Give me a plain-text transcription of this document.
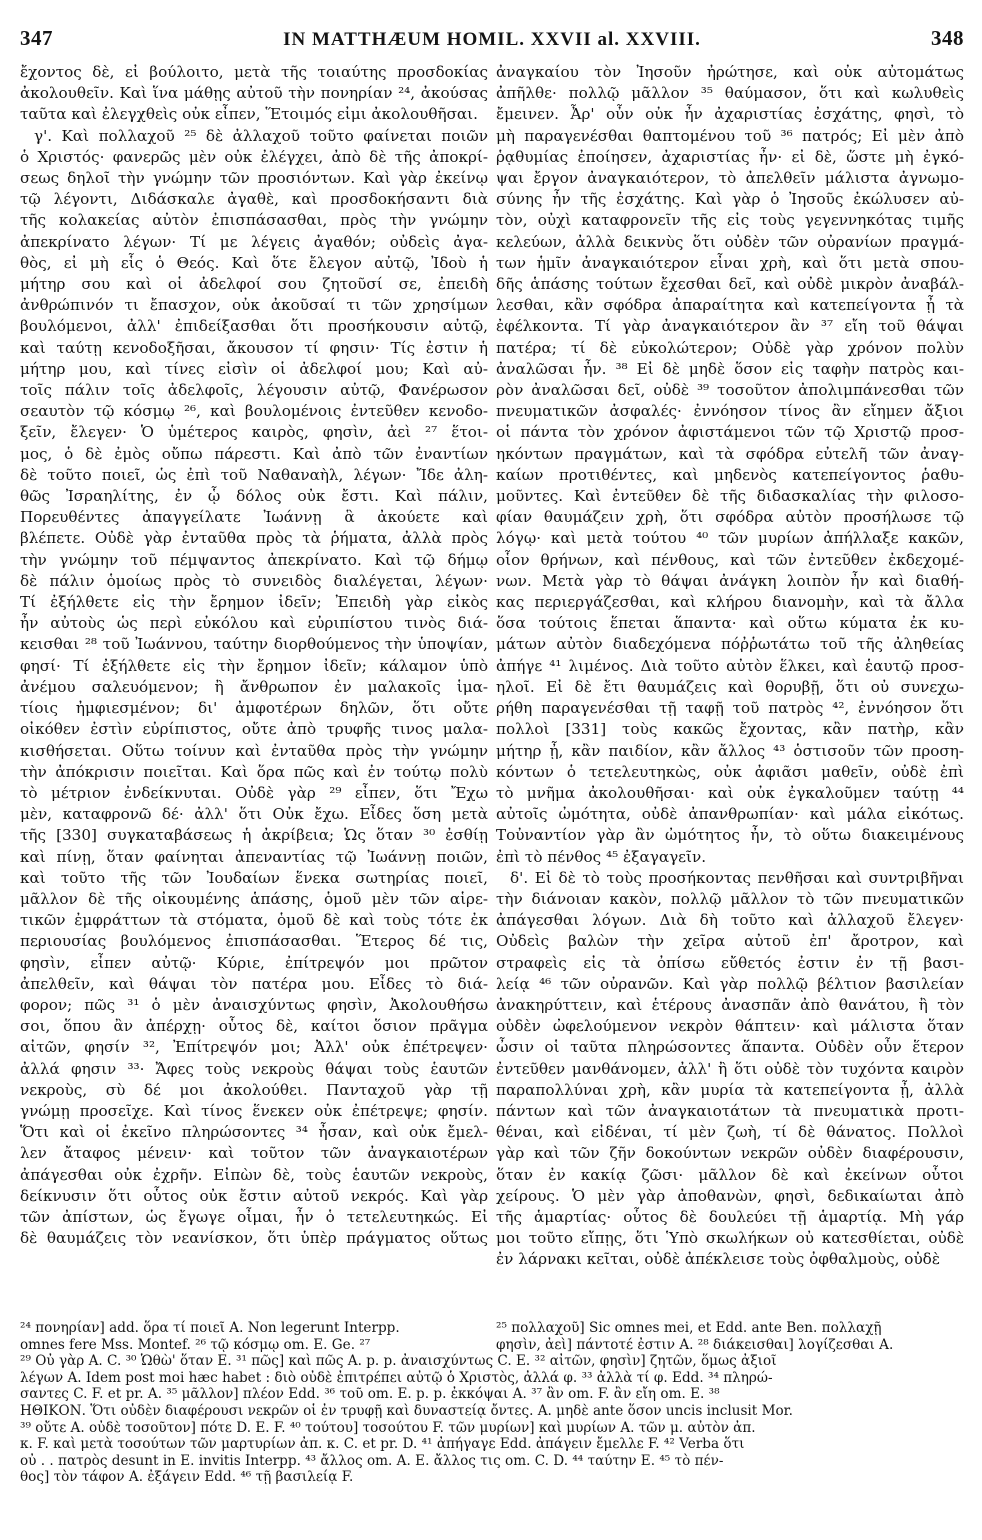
347	IN MATTHÆUM HOMIL. XXVII al. XXVIII.	348
ἔχοντος δὲ, εἰ βούλοιτο, μετὰ τῆς τοιαύτης προσδοκίας
ἀκολουθεῖν. Καὶ ἵνα μάθῃς αὐτοῦ τὴν πονηρίαν ²⁴, ἀκούσας
ταῦτα καὶ ἐλεγχθεὶς οὐκ εἶπεν, Ἕτοιμός εἰμι ἀκολουθῆσαι.
γ'. Καὶ πολλαχοῦ ²⁵ δὲ ἀλλαχοῦ τοῦτο φαίνεται ποιῶν
ὁ Χριστός· φανερῶς μὲν οὐκ ἐλέγχει, ἀπὸ δὲ τῆς ἀποκρί-
σεως δηλοῖ τὴν γνώμην τῶν προσιόντων. Καὶ γὰρ ἐκείνῳ
τῷ λέγοντι, Διδάσκαλε ἀγαθὲ, καὶ προσδοκήσαντι διὰ
τῆς κολακείας αὐτὸν ἐπισπάσασθαι, πρὸς τὴν γνώμην
ἀπεκρίνατο λέγων· Τί με λέγεις ἀγαθόν; οὐδεὶς ἀγα-
θὸς, εἰ μὴ εἷς ὁ Θεός. Καὶ ὅτε ἔλεγον αὐτῷ, Ἰδοὺ ἡ
μήτηρ σου καὶ οἱ ἀδελφοί σου ζητοῦσί σε, ἐπειδὴ
ἀνθρώπινόν τι ἔπασχον, οὐκ ἀκοῦσαί τι τῶν χρησίμων
βουλόμενοι, ἀλλ' ἐπιδείξασθαι ὅτι προσήκουσιν αὐτῷ,
καὶ ταύτῃ κενοδοξῆσαι, ἄκουσον τί φησιν· Τίς ἐστιν ἡ
μήτηρ μου, καὶ τίνες εἰσὶν οἱ ἀδελφοί μου; Καὶ αὐ-
τοῖς πάλιν τοῖς ἀδελφοῖς, λέγουσιν αὐτῷ, Φανέρωσον
σεαυτὸν τῷ κόσμῳ ²⁶, καὶ βουλομένοις ἐντεῦθεν κενοδο-
ξεῖν, ἔλεγεν· Ὁ ὑμέτερος καιρὸς, φησὶν, ἀεὶ ²⁷ ἕτοι-
μος, ὁ δὲ ἐμὸς οὔπω πάρεστι. Καὶ ἀπὸ τῶν ἐναντίων
δὲ τοῦτο ποιεῖ, ὡς ἐπὶ τοῦ Ναθαναὴλ, λέγων· Ἴδε ἀλη-
θῶς Ἰσραηλίτης, ἐν ᾧ δόλος οὐκ ἔστι. Καὶ πάλιν,
Πορευθέντες ἀπαγγείλατε Ἰωάννῃ ἃ ἀκούετε καὶ
βλέπετε. Οὐδὲ γὰρ ἐνταῦθα πρὸς τὰ ῥήματα, ἀλλὰ πρὸς
τὴν γνώμην τοῦ πέμψαντος ἀπεκρίνατο. Καὶ τῷ δήμῳ
δὲ πάλιν ὁμοίως πρὸς τὸ συνειδὸς διαλέγεται, λέγων·
Τί ἐξήλθετε εἰς τὴν ἔρημον ἰδεῖν; Ἐπειδὴ γὰρ εἰκὸς
ἦν αὐτοὺς ὡς περὶ εὐκόλου καὶ εὐριπίστου τινὸς διά-
κεισθαι ²⁸ τοῦ Ἰωάννου, ταύτην διορθούμενος τὴν ὑποψίαν,
φησί· Τί ἐξήλθετε εἰς τὴν ἔρημον ἰδεῖν; κάλαμον ὑπὸ
ἀνέμου σαλευόμενον; ἢ ἄνθρωπον ἐν μαλακοῖς ἱμα-
τίοις ἠμφιεσμένον; δι' ἀμφοτέρων δηλῶν, ὅτι οὔτε
οἰκόθεν ἐστὶν εὐρίπιστος, οὔτε ἀπὸ τρυφῆς τινος μαλα-
κισθήσεται. Οὕτω τοίνυν καὶ ἐνταῦθα πρὸς τὴν γνώμην
τὴν ἀπόκρισιν ποιεῖται. Καὶ ὅρα πῶς καὶ ἐν τούτῳ πολὺ
τὸ μέτριον ἐνδείκνυται. Οὐδὲ γὰρ ²⁹ εἶπεν, ὅτι Ἔχω
μὲν, καταφρονῶ δέ· ἀλλ' ὅτι Οὐκ ἔχω. Εἶδες ὅση μετὰ
τῆς [330] συγκαταβάσεως ἡ ἀκρίβεια; Ὡς ὅταν ³⁰ ἐσθίῃ
καὶ πίνῃ, ὅταν φαίνηται ἀπεναντίας τῷ Ἰωάννῃ ποιῶν,
καὶ τοῦτο τῆς τῶν Ἰουδαίων ἕνεκα σωτηρίας ποιεῖ,
μᾶλλον δὲ τῆς οἰκουμένης ἁπάσης, ὁμοῦ μὲν τῶν αἱρε-
τικῶν ἐμφράττων τὰ στόματα, ὁμοῦ δὲ καὶ τοὺς τότε ἐκ
περιουσίας βουλόμενος ἐπισπάσασθαι. Ἕτερος δέ τις,
φησὶν, εἶπεν αὐτῷ· Κύριε, ἐπίτρεψόν μοι πρῶτον
ἀπελθεῖν, καὶ θάψαι τὸν πατέρα μου. Εἶδες τὸ διά-
φορον; πῶς ³¹ ὁ μὲν ἀναισχύντως φησὶν, Ἀκολουθήσω
σοι, ὅπου ἂν ἀπέρχῃ· οὗτος δὲ, καίτοι ὅσιον πρᾶγμα
αἰτῶν, φησίν ³², Ἐπίτρεψόν μοι; Ἀλλ' οὐκ ἐπέτρεψεν·
ἀλλά φησιν ³³· Ἄφες τοὺς νεκροὺς θάψαι τοὺς ἑαυτῶν
νεκροὺς, σὺ δέ μοι ἀκολούθει. Πανταχοῦ γὰρ τῇ
γνώμῃ προσεῖχε. Καὶ τίνος ἕνεκεν οὐκ ἐπέτρεψε; φησίν.
Ὅτι καὶ οἱ ἐκεῖνο πληρώσοντες ³⁴ ἦσαν, καὶ οὐκ ἔμελ-
λεν ἄταφος μένειν· καὶ τοῦτον τῶν ἀναγκαιοτέρων
ἀπάγεσθαι οὐκ ἐχρῆν. Εἰπὼν δὲ, τοὺς ἑαυτῶν νεκροὺς,
δείκνυσιν ὅτι οὗτος οὐκ ἔστιν αὐτοῦ νεκρός. Καὶ γὰρ
τῶν ἀπίστων, ὡς ἔγωγε οἶμαι, ἦν ὁ τετελευτηκώς. Εἰ
δὲ θαυμάζεις τὸν νεανίσκον, ὅτι ὑπὲρ πράγματος οὕτως
ἀναγκαίου τὸν Ἰησοῦν ἠρώτησε, καὶ οὐκ αὐτομάτως
ἀπῆλθε· πολλῷ μᾶλλον ³⁵ θαύμασον, ὅτι καὶ κωλυθεὶς
ἔμεινεν. Ἆρ' οὖν οὐκ ἦν ἀχαριστίας ἐσχάτης, φησὶ, τὸ
μὴ παραγενέσθαι θαπτομένου τοῦ ³⁶ πατρός; Εἰ μὲν ἀπὸ
ῥᾳθυμίας ἐποίησεν, ἀχαριστίας ἦν· εἰ δὲ, ὥστε μὴ ἐγκό-
ψαι ἔργον ἀναγκαιότερον, τὸ ἀπελθεῖν μάλιστα ἀγνωμο-
σύνης ἦν τῆς ἐσχάτης. Καὶ γὰρ ὁ Ἰησοῦς ἐκώλυσεν αὐ-
τὸν, οὐχὶ καταφρονεῖν τῆς εἰς τοὺς γεγεννηκότας τιμῆς
κελεύων, ἀλλὰ δεικνὺς ὅτι οὐδὲν τῶν οὐρανίων πραγμά-
των ἡμῖν ἀναγκαιότερον εἶναι χρὴ, καὶ ὅτι μετὰ σπου-
δῆς ἁπάσης τούτων ἔχεσθαι δεῖ, καὶ οὐδὲ μικρὸν ἀναβάλ-
λεσθαι, κἂν σφόδρα ἀπαραίτητα καὶ κατεπείγοντα ᾖ τὰ
ἐφέλκοντα. Τί γὰρ ἀναγκαιότερον ἂν ³⁷ εἴη τοῦ θάψαι
πατέρα; τί δὲ εὐκολώτερον; Οὐδὲ γὰρ χρόνον πολὺν
ἀναλῶσαι ἦν. ³⁸ Εἰ δὲ μηδὲ ὅσον εἰς ταφὴν πατρὸς και-
ρὸν ἀναλῶσαι δεῖ, οὐδὲ ³⁹ τοσοῦτον ἀπολιμπάνεσθαι τῶν
πνευματικῶν ἀσφαλές· ἐννόησον τίνος ἂν εἴημεν ἄξιοι
οἱ πάντα τὸν χρόνον ἀφιστάμενοι τῶν τῷ Χριστῷ προσ-
ηκόντων πραγμάτων, καὶ τὰ σφόδρα εὐτελῆ τῶν ἀναγ-
καίων προτιθέντες, καὶ μηδενὸς κατεπείγοντος ῥαθυ-
μοῦντες. Καὶ ἐντεῦθεν δὲ τῆς διδασκαλίας τὴν φιλοσο-
φίαν θαυμάζειν χρὴ, ὅτι σφόδρα αὐτὸν προσήλωσε τῷ
λόγῳ· καὶ μετὰ τούτου ⁴⁰ τῶν μυρίων ἀπήλλαξε κακῶν,
οἷον θρήνων, καὶ πένθους, καὶ τῶν ἐντεῦθεν ἐκδεχομέ-
νων. Μετὰ γὰρ τὸ θάψαι ἀνάγκη λοιπὸν ἦν καὶ διαθή-
κας περιεργάζεσθαι, καὶ κλήρου διανομὴν, καὶ τὰ ἄλλα
ὅσα τούτοις ἕπεται ἅπαντα· καὶ οὕτω κύματα ἐκ κυ-
μάτων αὐτὸν διαδεχόμενα πόῤῥωτάτω τοῦ τῆς ἀληθείας
ἀπήγε ⁴¹ λιμένος. Διὰ τοῦτο αὐτὸν ἕλκει, καὶ ἑαυτῷ προσ-
ηλοῖ. Εἰ δὲ ἔτι θαυμάζεις καὶ θορυβῇ, ὅτι οὐ συνεχω-
ρήθη παραγενέσθαι τῇ ταφῇ τοῦ πατρὸς ⁴², ἐννόησον ὅτι
πολλοὶ [331] τοὺς κακῶς ἔχοντας, κἂν πατὴρ, κἂν
μήτηρ ᾖ, κἂν παιδίον, κἂν ἄλλος ⁴³ ὁστισοῦν τῶν προση-
κόντων ὁ τετελευτηκὼς, οὐκ ἀφιᾶσι μαθεῖν, οὐδὲ ἐπὶ
τὸ μνῆμα ἀκολουθῆσαι· καὶ οὐκ ἐγκαλοῦμεν ταύτῃ ⁴⁴
αὐτοῖς ὠμότητα, οὐδὲ ἀπανθρωπίαν· καὶ μάλα εἰκότως.
Τοὐναντίον γὰρ ἂν ὠμότητος ἦν, τὸ οὕτω διακειμένους
ἐπὶ τὸ πένθος ⁴⁵ ἐξαγαγεῖν.
δ'. Εἰ δὲ τὸ τοὺς προσήκοντας πενθῆσαι καὶ συντριβῆναι
τὴν διάνοιαν κακὸν, πολλῷ μᾶλλον τὸ τῶν πνευματικῶν
ἀπάγεσθαι λόγων. Διὰ δὴ τοῦτο καὶ ἀλλαχοῦ ἔλεγεν·
Οὐδεὶς βαλὼν τὴν χεῖρα αὐτοῦ ἐπ' ἄροτρον, καὶ
στραφεὶς εἰς τὰ ὀπίσω εὔθετός ἐστιν ἐν τῇ βασι-
λείᾳ ⁴⁶ τῶν οὐρανῶν. Καὶ γὰρ πολλῷ βέλτιον βασιλείαν
ἀνακηρύττειν, καὶ ἑτέρους ἀνασπᾶν ἀπὸ θανάτου, ἢ τὸν
οὐδὲν ὠφελούμενον νεκρὸν θάπτειν· καὶ μάλιστα ὅταν
ὦσιν οἱ ταῦτα πληρώσοντες ἅπαντα. Οὐδὲν οὖν ἕτερον
ἐντεῦθεν μανθάνομεν, ἀλλ' ἢ ὅτι οὐδὲ τὸν τυχόντα καιρὸν
παραπολλύναι χρὴ, κἂν μυρία τὰ κατεπείγοντα ᾖ, ἀλλὰ
πάντων καὶ τῶν ἀναγκαιοτάτων τὰ πνευματικὰ προτι-
θέναι, καὶ εἰδέναι, τί μὲν ζωὴ, τί δὲ θάνατος. Πολλοὶ
γὰρ καὶ τῶν ζῆν δοκούντων νεκρῶν οὐδὲν διαφέρουσιν,
ὅταν ἐν κακίᾳ ζῶσι· μᾶλλον δὲ καὶ ἐκείνων οὗτοι
χείρους. Ὁ μὲν γὰρ ἀποθανὼν, φησὶ, δεδικαίωται ἀπὸ
τῆς ἁμαρτίας· οὗτος δὲ δουλεύει τῇ ἁμαρτίᾳ. Μὴ γάρ
μοι τοῦτο εἴπῃς, ὅτι Ὑπὸ σκωλήκων οὐ κατεσθίεται, οὐδὲ
ἐν λάρνακι κεῖται, οὐδὲ ἀπέκλεισε τοὺς ὀφθαλμοὺς, οὐδὲ
²⁴ πονηρίαν] add. ὅρα τί ποιεῖ A. Non legerunt Interpp.
omnes fere Mss. Montef. ²⁶ τῷ κόσμῳ om. E. Ge. ²⁷
²⁵ πολλαχοῦ] Sic omnes mei, et Edd. ante Ben. πολλαχῇ
φησὶν, ἀεὶ] πάντοτέ ἐστιν A. ²⁸ διάκεισθαι] λογίζεσθαι A.
²⁹ Οὐ γὰρ A. C. ³⁰ Ὡθὼ' ὅταν E. ³¹ πῶς] καὶ πῶς A. p. p. ἀναισχύντως C. E. ³² αἰτῶν, φησὶν] ζητῶν, ὅμως ἀξιοῖ
λέγων A. Idem post moi hæc habet : διὸ οὐδὲ ἐπιτρέπει αὐτῷ ὁ Χριστὸς, ἀλλά φ. ³³ ἀλλὰ τί φ. Edd. ³⁴ πληρώ-
σαντες C. F. et pr. A. ³⁵ μᾶλλον] πλέον Edd. ³⁶ τοῦ om. E. p. p. ἐκκόψαι A. ³⁷ ἂν om. F. ἂν εἴη om. E. ³⁸
ΗΘΙΚΟΝ. Ὅτι οὐδὲν διαφέρουσι νεκρῶν οἱ ἐν τρυφῇ καὶ δυναστείᾳ ὄντες. A. μηδὲ ante ὅσον uncis inclusit Mor.
³⁹ οὔτε A. οὐδὲ τοσοῦτον] πότε D. E. F. ⁴⁰ τούτου] τοσούτου F. τῶν μυρίων] καὶ μυρίων A. τῶν μ. αὐτὸν ἀπ.
κ. F. καὶ μετὰ τοσούτων τῶν μαρτυρίων ἀπ. κ. C. et pr. D. ⁴¹ ἀπήγαγε Edd. ἀπάγειν ἔμελλε F. ⁴² Verba ὅτι
οὐ . . πατρὸς desunt in E. invitis Interpp. ⁴³ ἄλλος om. A. E. ἄλλος τις om. C. D. ⁴⁴ ταύτην E. ⁴⁵ τὸ πέν-
θος] τὸν τάφον A. ἐξάγειν Edd. ⁴⁶ τῇ βασιλείᾳ F.
